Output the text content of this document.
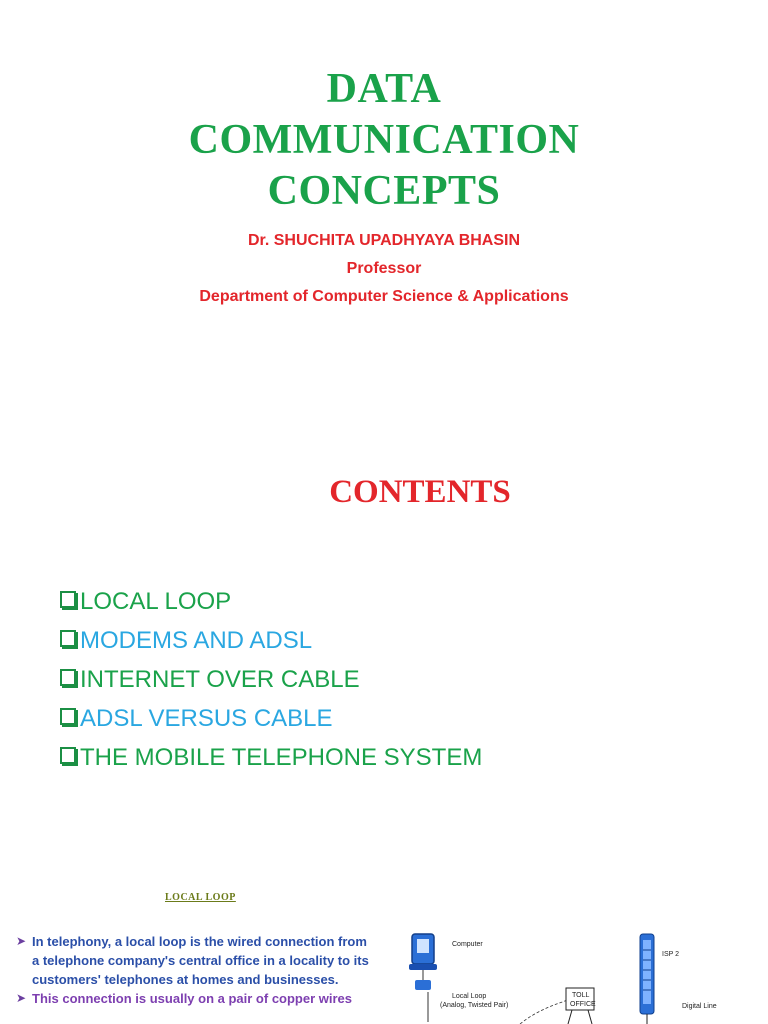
DATA
COMMUNICATION
CONCEPTS
Dr. SHUCHITA UPADHYAYA BHASIN
Professor
Department of Computer Science & Applications
CONTENTS
LOCAL LOOP
MODEMS AND ADSL
INTERNET OVER CABLE
ADSL VERSUS CABLE
THE MOBILE TELEPHONE SYSTEM
LOCAL LOOP
➤ In telephony, a local loop is the wired connection from a telephone company's central office in a locality to its customers' telephones at homes and businesses.
➤ This connection is usually on a pair of copper wires
Computer
Local Loop
(Analog, Twisted Pair)
TOLL
OFFICE
ISP 2
Digital Line
